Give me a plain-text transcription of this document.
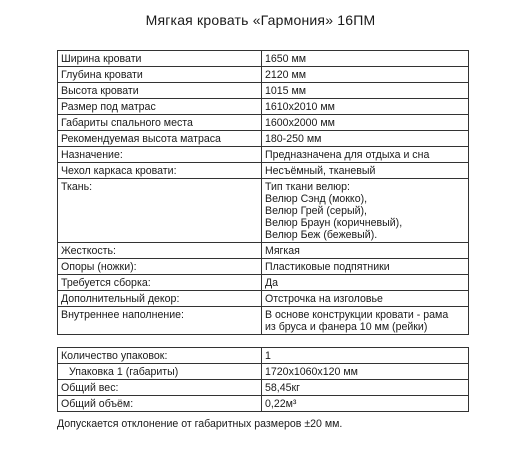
Мягкая кровать «Гармония» 16ПМ
Ширина кровати	1650 мм

Глубина кровати	2120 мм

Высота кровати	1015 мм

Размер под матрас	1610х2010 мм

Габариты спального места	1600х2000 мм

Рекомендуемая высота матраса	180-250 мм

Назначение:	Предназначена для отдыха и сна

Чехол каркаса кровати:	Несъёмный, тканевый

Ткань:	Тип ткани велюр:
Велюр Сэнд (мокко),
Велюр Грей (серый),
Велюр Браун (коричневый),
Велюр Беж (бежевый).

Жесткость:	Мягкая

Опоры (ножки):	Пластиковые подпятники

Требуется сборка:	Да

Дополнительный декор:	Отстрочка на изголовье

Внутреннее наполнение:	В основе конструкции кровати - рама
из бруса и фанера 10 мм (рейки)
Количество упаковок:	1
Упаковка 1 (габариты)	1720х1060х120 мм
Общий вес:	58,45кг
Общий объём:	0,22м³
Допускается отклонение от габаритных размеров ±20 мм.
